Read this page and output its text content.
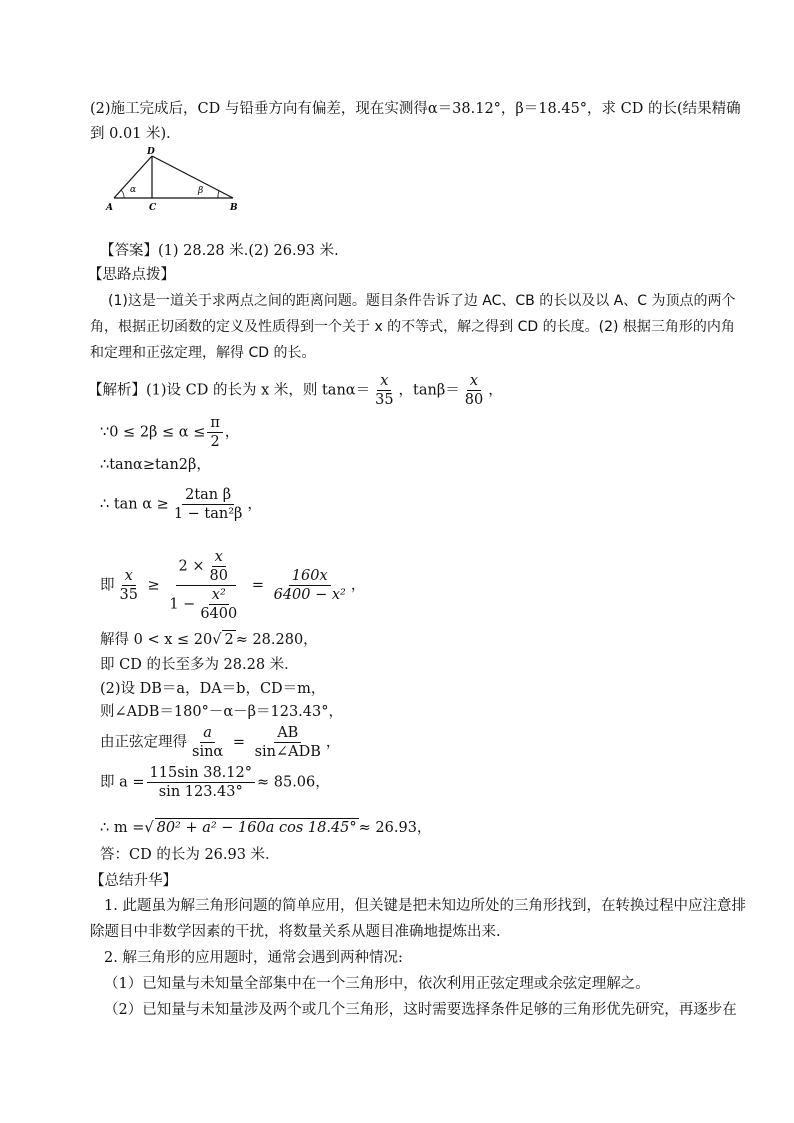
(2)施工完成后，CD 与铅垂方向有偏差，现在实测得α＝38.12°，β＝18.45°，求 CD 的长(结果精确
到 0.01 米)．
D
A	C	B
α	β
【答案】(1) 28.28 米.(2) 26.93 米.
【思路点拨】
(1)这是一道关于求两点之间的距离问题。题目条件告诉了边 AC、CB 的长以及以 A、C 为顶点的两个
角，根据正切函数的定义及性质得到一个关于 x 的不等式，解之得到 CD 的长度。(2) 根据三角形的内角
和定理和正弦定理，解得 CD 的长。
【解析】(1)设 CD 的长为 x 米，则 $\tan\alpha= \frac{x}{35}$ ，$\tan\beta= \frac{x}{80}$ ，
∵0 ≤ $2\beta \le \alpha \le \frac{\pi}{2}$ ，
∴tanα≥tan2β，
∴ $\tan \alpha \ge \frac{\text{2tan β}}{\text{1 − tan²β}}$ ，
即 $\frac{x}{35} \ge \frac{2 \times \frac{x}{80}}{1 - \frac{\text{x²}}{6400}} = \frac{160x}{\text{6400 − x²}}$ ，
解得 0 < x ≤ 20√ 2 ≈ 28.280，
即 CD 的长至多为 28.28 米．
(2)设 DB＝a，DA＝b，CD＝m，
则∠ADB＝180°－α－β＝123.43°，
由正弦定理得 $\frac{a}{\sin\alpha} = \frac{AB}{\text{sin∠ADB}}$ ，
即 $a = \frac{115\sin 38.12^\circ}{\sin 123.43^\circ} \approx 85.06$，
∴ m =√ 80² + a² − 160a cos 18.45° ≈ 26.93，
答：CD 的长为 26.93 米．
【总结升华】
1. 此题虽为解三角形问题的简单应用，但关键是把未知边所处的三角形找到，在转换过程中应注意排
除题目中非数学因素的干扰，将数量关系从题目准确地提炼出来.
2. 解三角形的应用题时，通常会遇到两种情况:
（1）已知量与未知量全部集中在一个三角形中，依次利用正弦定理或余弦定理解之。
（2）已知量与未知量涉及两个或几个三角形，这时需要选择条件足够的三角形优先研究，再逐步在
